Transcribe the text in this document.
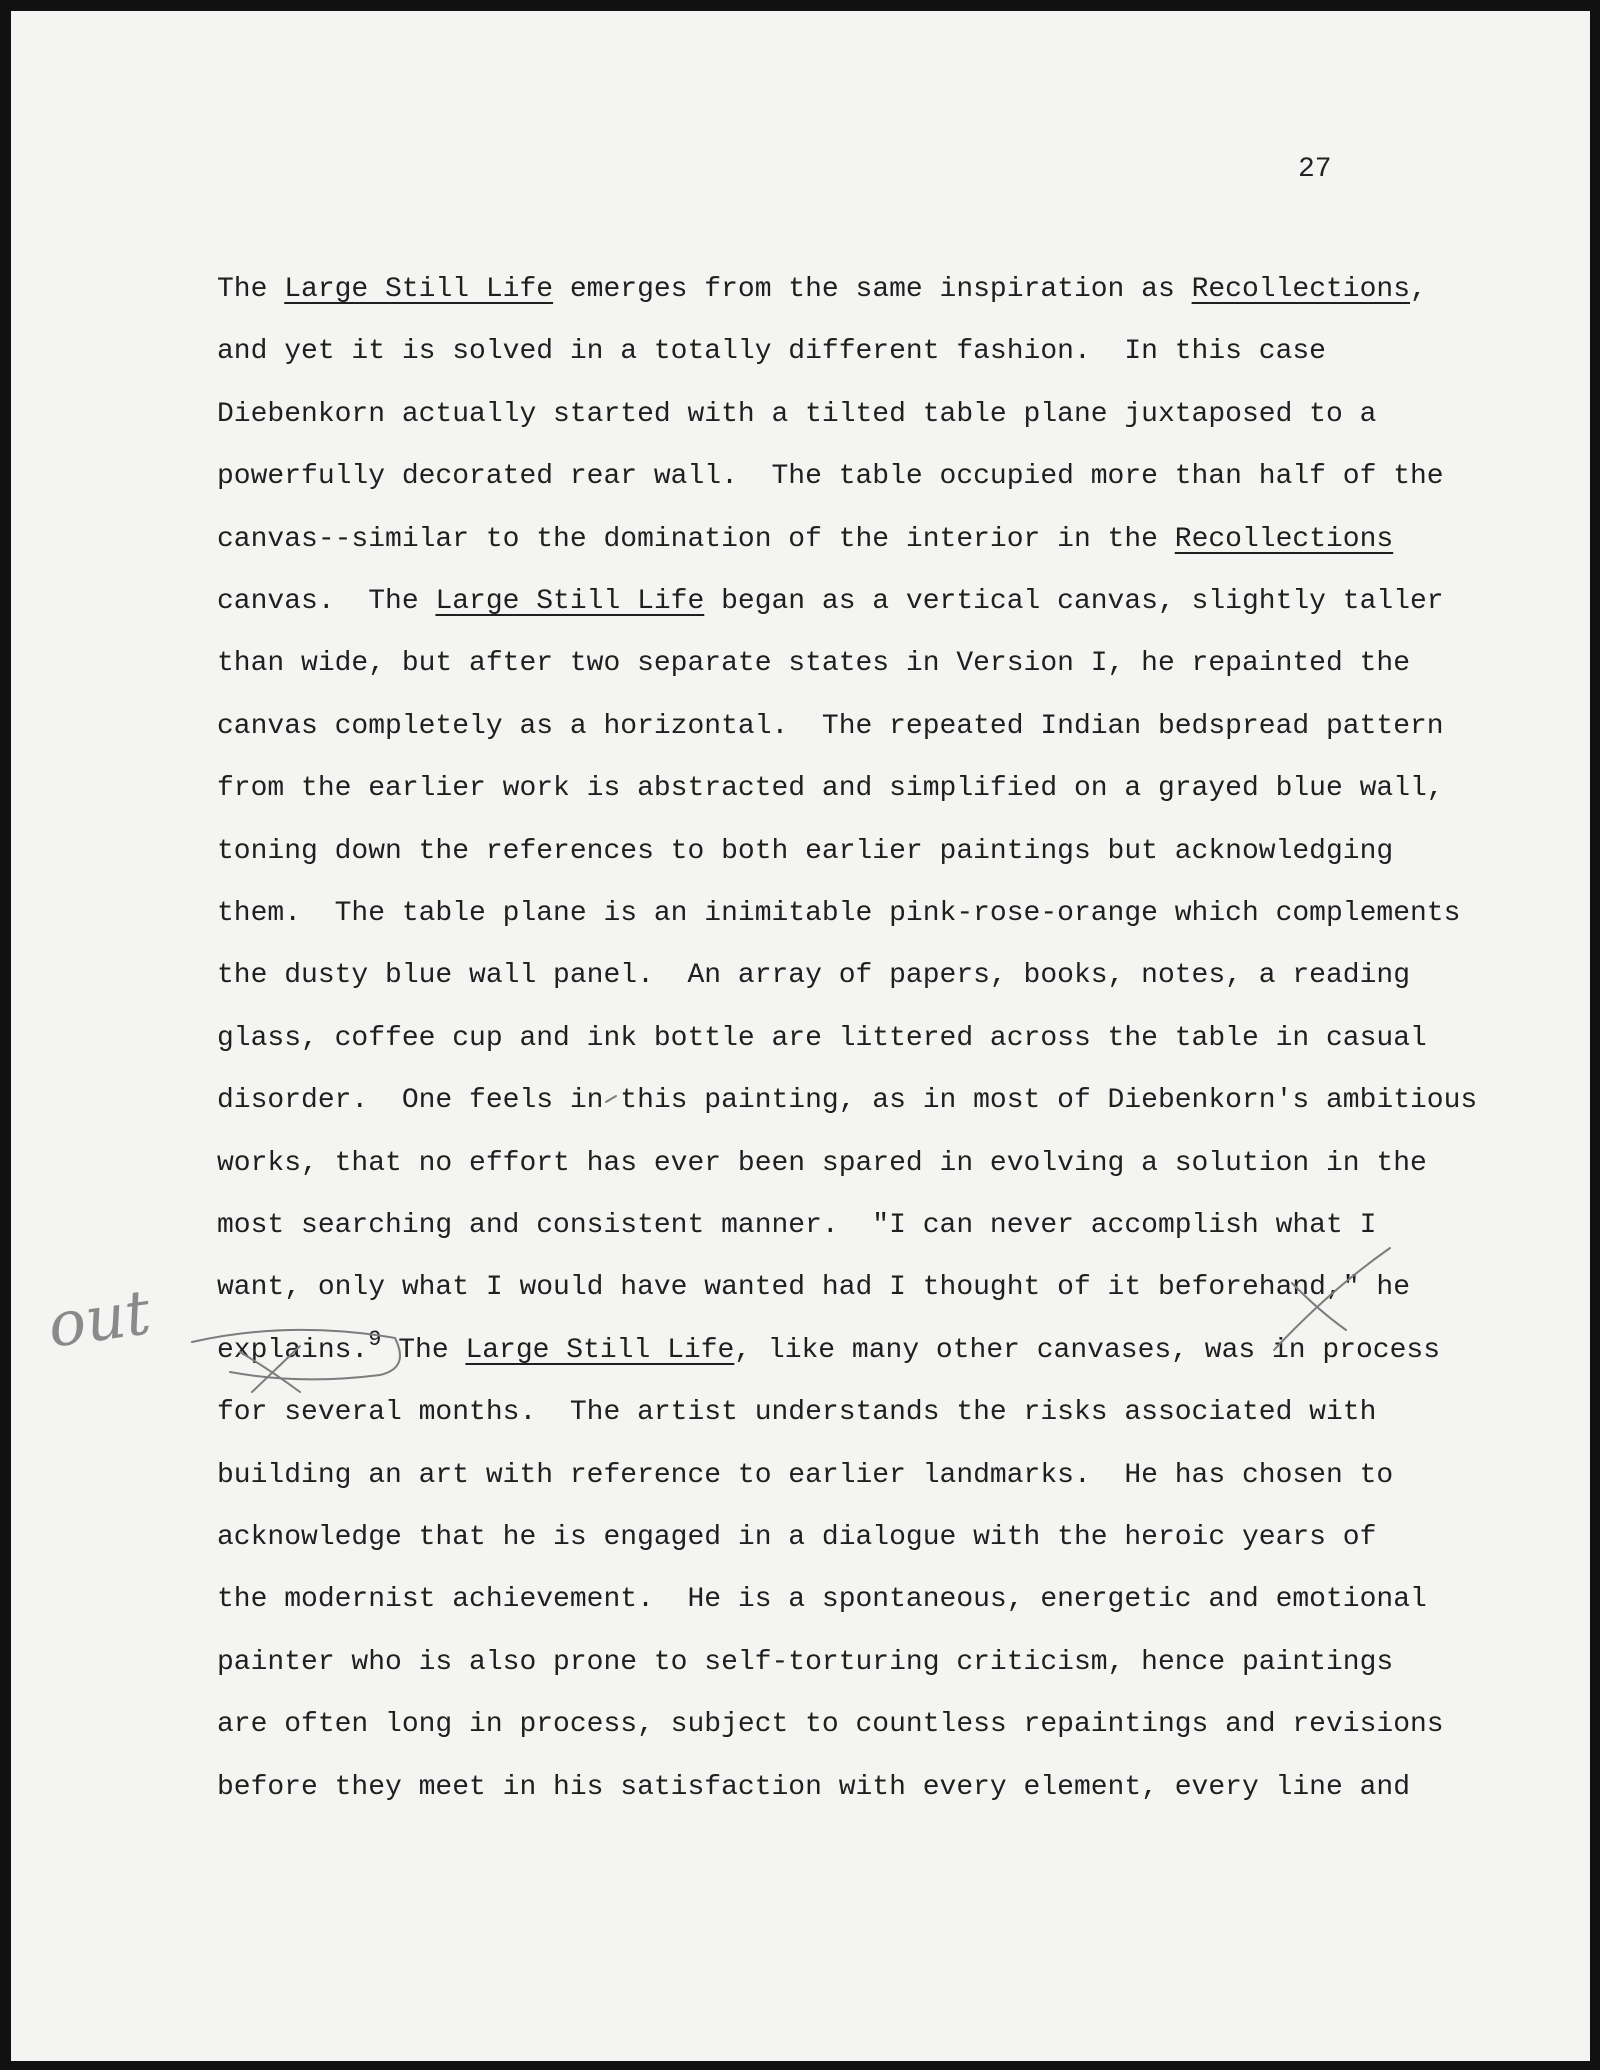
27
The Large Still Life emerges from the same inspiration as Recollections,
and yet it is solved in a totally different fashion.  In this case
Diebenkorn actually started with a tilted table plane juxtaposed to a
powerfully decorated rear wall.  The table occupied more than half of the
canvas--similar to the domination of the interior in the Recollections
canvas.  The Large Still Life began as a vertical canvas, slightly taller
than wide, but after two separate states in Version I, he repainted the
canvas completely as a horizontal.  The repeated Indian bedspread pattern
from the earlier work is abstracted and simplified on a grayed blue wall,
toning down the references to both earlier paintings but acknowledging
them.  The table plane is an inimitable pink-rose-orange which complements
the dusty blue wall panel.  An array of papers, books, notes, a reading
glass, coffee cup and ink bottle are littered across the table in casual
disorder.  One feels in this painting, as in most of Diebenkorn's ambitious
works, that no effort has ever been spared in evolving a solution in the
most searching and consistent manner.  "I can never accomplish what I
want, only what I would have wanted had I thought of it beforehand," he
explains.$^9$ The Large Still Life, like many other canvases, was in process
for several months.  The artist understands the risks associated with
building an art with reference to earlier landmarks.  He has chosen to
acknowledge that he is engaged in a dialogue with the heroic years of
the modernist achievement.  He is a spontaneous, energetic and emotional
painter who is also prone to self-torturing criticism, hence paintings
are often long in process, subject to countless repaintings and revisions
before they meet in his satisfaction with every element, every line and
out
